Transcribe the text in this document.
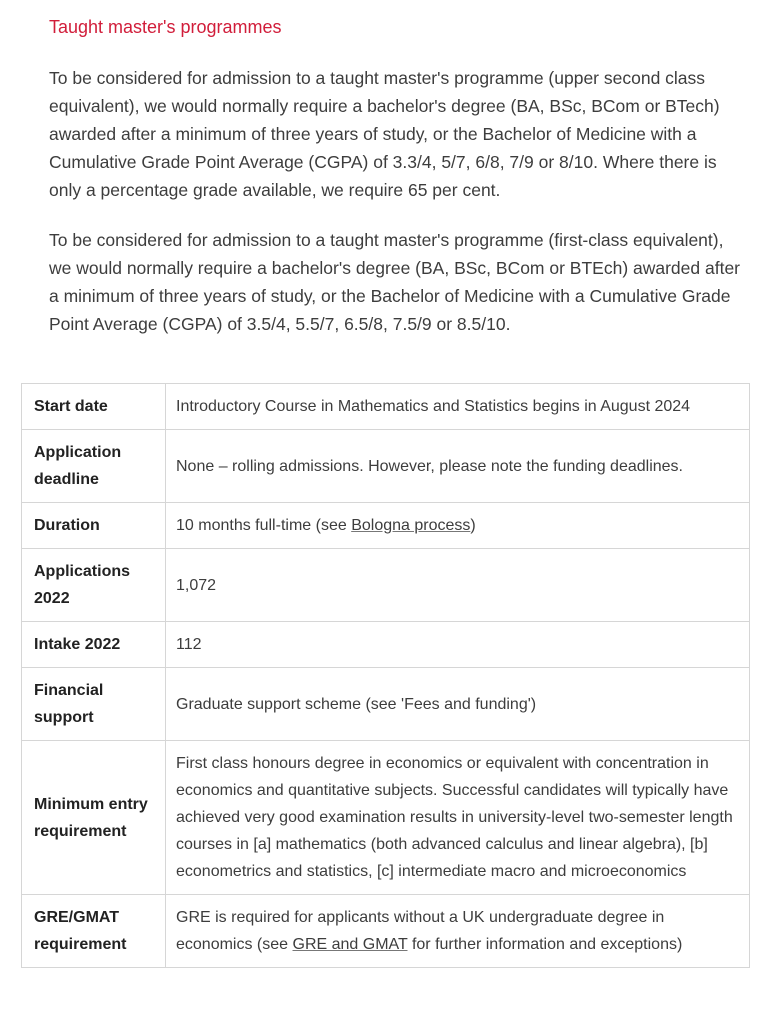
Taught master's programmes

To be considered for admission to a taught master's programme (upper second class equivalent), we would normally require a bachelor's degree (BA, BSc, BCom or BTech) awarded after a minimum of three years of study, or the Bachelor of Medicine with a Cumulative Grade Point Average (CGPA) of 3.3/4, 5/7, 6/8, 7/9 or 8/10. Where there is only a percentage grade available, we require 65 per cent.

To be considered for admission to a taught master's programme (first-class equivalent), we would normally require a bachelor's degree (BA, BSc, BCom or BTEch) awarded after a minimum of three years of study, or the Bachelor of Medicine with a Cumulative Grade Point Average (CGPA) of 3.5/4, 5.5/7, 6.5/8, 7.5/9 or 8.5/10.

Start date	Introductory Course in Mathematics and Statistics begins in August 2024
Application deadline	None – rolling admissions. However, please note the funding deadlines.
Duration	10 months full-time (see Bologna process)
Applications 2022	1,072
Intake 2022	112
Financial support	Graduate support scheme (see 'Fees and funding')
Minimum entry requirement	First class honours degree in economics or equivalent with concentration in economics and quantitative subjects. Successful candidates will typically have achieved very good examination results in university-level two-semester length courses in [a] mathematics (both advanced calculus and linear algebra), [b] econometrics and statistics, [c] intermediate macro and microeconomics
GRE/GMAT requirement	GRE is required for applicants without a UK undergraduate degree in economics (see GRE and GMAT for further information and exceptions)
